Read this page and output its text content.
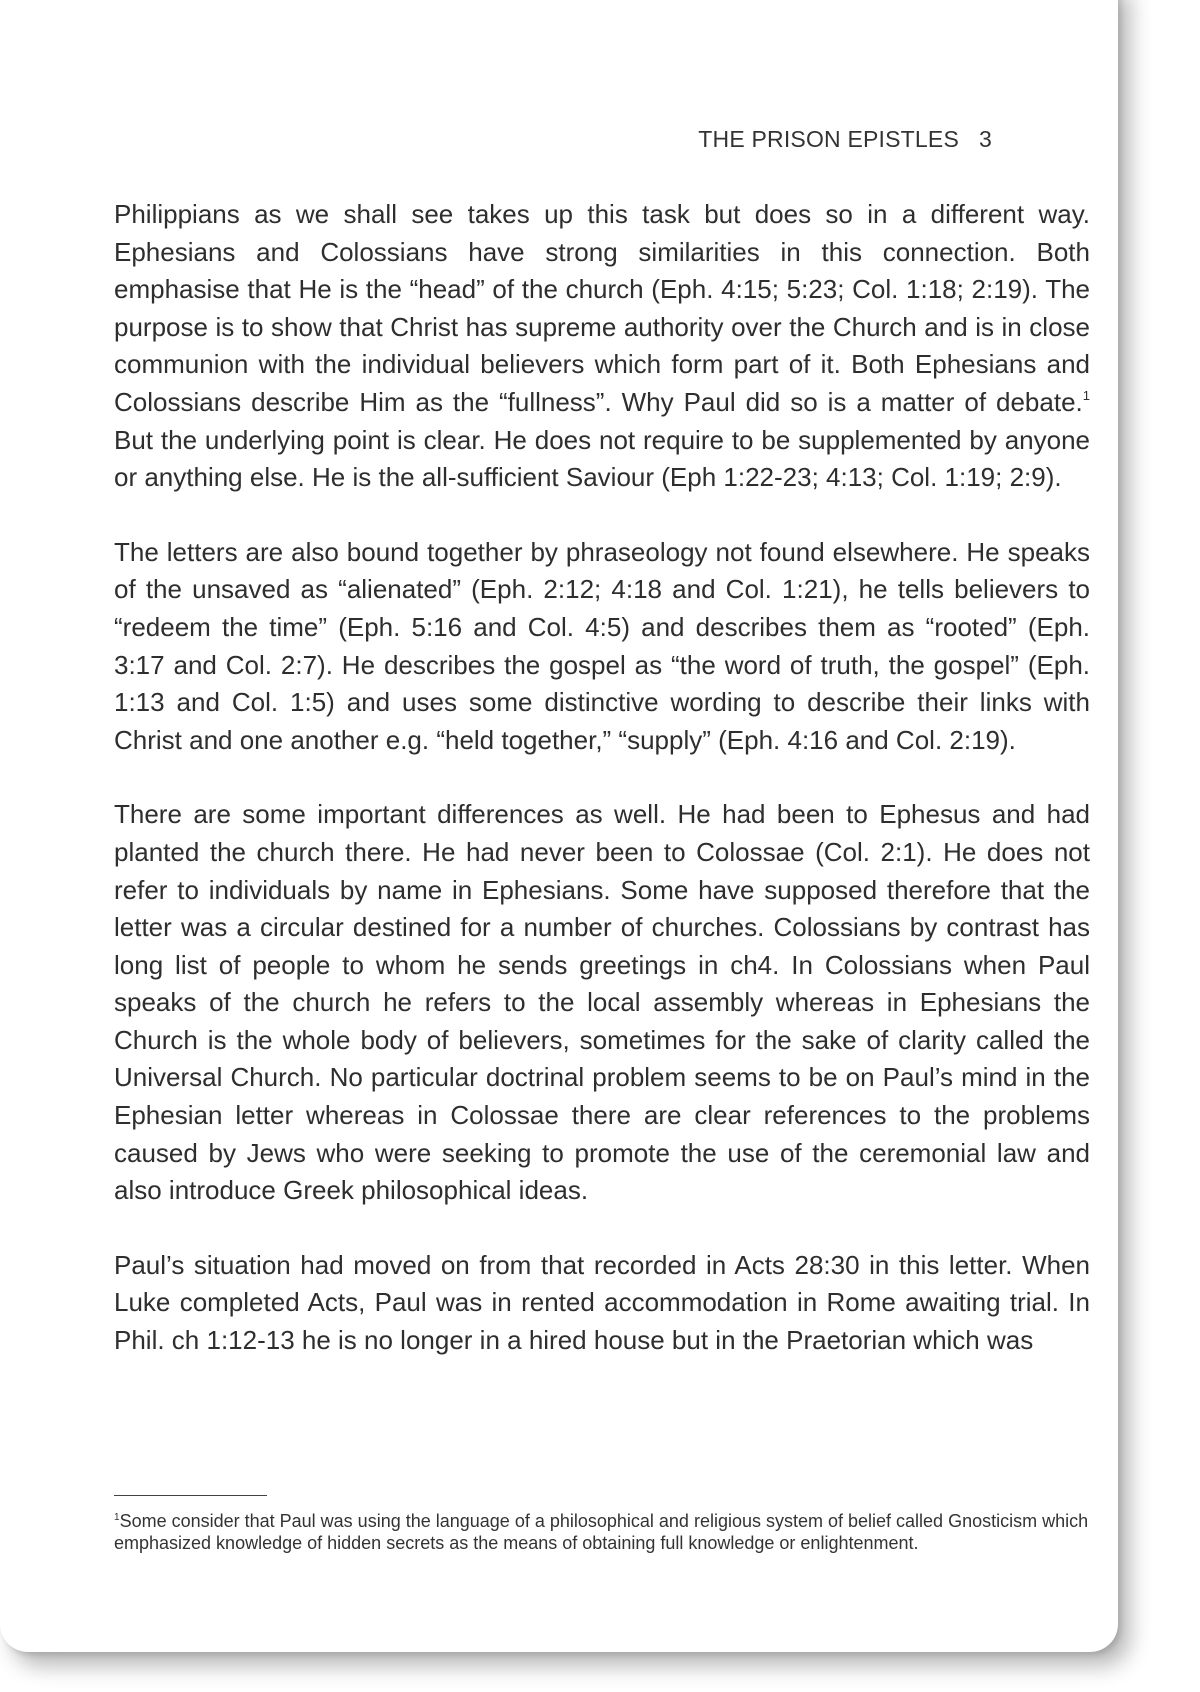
THE PRISON EPISTLES 3

Philippians as we shall see takes up this task but does so in a different way. Ephesians and Colossians have strong similarities in this connection. Both emphasise that He is the “head” of the church (Eph. 4:15; 5:23; Col. 1:18; 2:19). The purpose is to show that Christ has supreme authority over the Church and is in close communion with the individual believers which form part of it. Both Ephesians and Colossians describe Him as the “fullness”. Why Paul did so is a matter of debate.$^1$ But the underlying point is clear. He does not require to be supplemented by anyone or anything else. He is the all-sufficient Saviour (Eph 1:22-23; 4:13; Col. 1:19; 2:9).

The letters are also bound together by phraseology not found elsewhere. He speaks of the unsaved as “alienated” (Eph. 2:12; 4:18 and Col. 1:21), he tells believers to “redeem the time” (Eph. 5:16 and Col. 4:5) and describes them as “rooted” (Eph. 3:17 and Col. 2:7). He describes the gospel as “the word of truth, the gospel” (Eph. 1:13 and Col. 1:5) and uses some distinctive wording to describe their links with Christ and one another e.g. “held together,” “supply” (Eph. 4:16 and Col. 2:19).

There are some important differences as well. He had been to Ephesus and had planted the church there. He had never been to Colossae (Col. 2:1). He does not refer to individuals by name in Ephesians. Some have supposed therefore that the letter was a circular destined for a number of churches. Colossians by contrast has long list of people to whom he sends greetings in ch4. In Colossians when Paul speaks of the church he refers to the local assembly whereas in Ephesians the Church is the whole body of believers, sometimes for the sake of clarity called the Universal Church. No particular doctrinal problem seems to be on Paul’s mind in the Ephesian letter whereas in Colossae there are clear references to the problems caused by Jews who were seeking to promote the use of the ceremonial law and also introduce Greek philosophical ideas.

Paul’s situation had moved on from that recorded in Acts 28:30 in this letter. When Luke completed Acts, Paul was in rented accommodation in Rome awaiting trial. In Phil. ch 1:12-13 he is no longer in a hired house but in the Praetorian which was

$^1$Some consider that Paul was using the language of a philosophical and religious system of belief called Gnosticism which emphasized knowledge of hidden secrets as the means of obtaining full knowledge or enlightenment.
